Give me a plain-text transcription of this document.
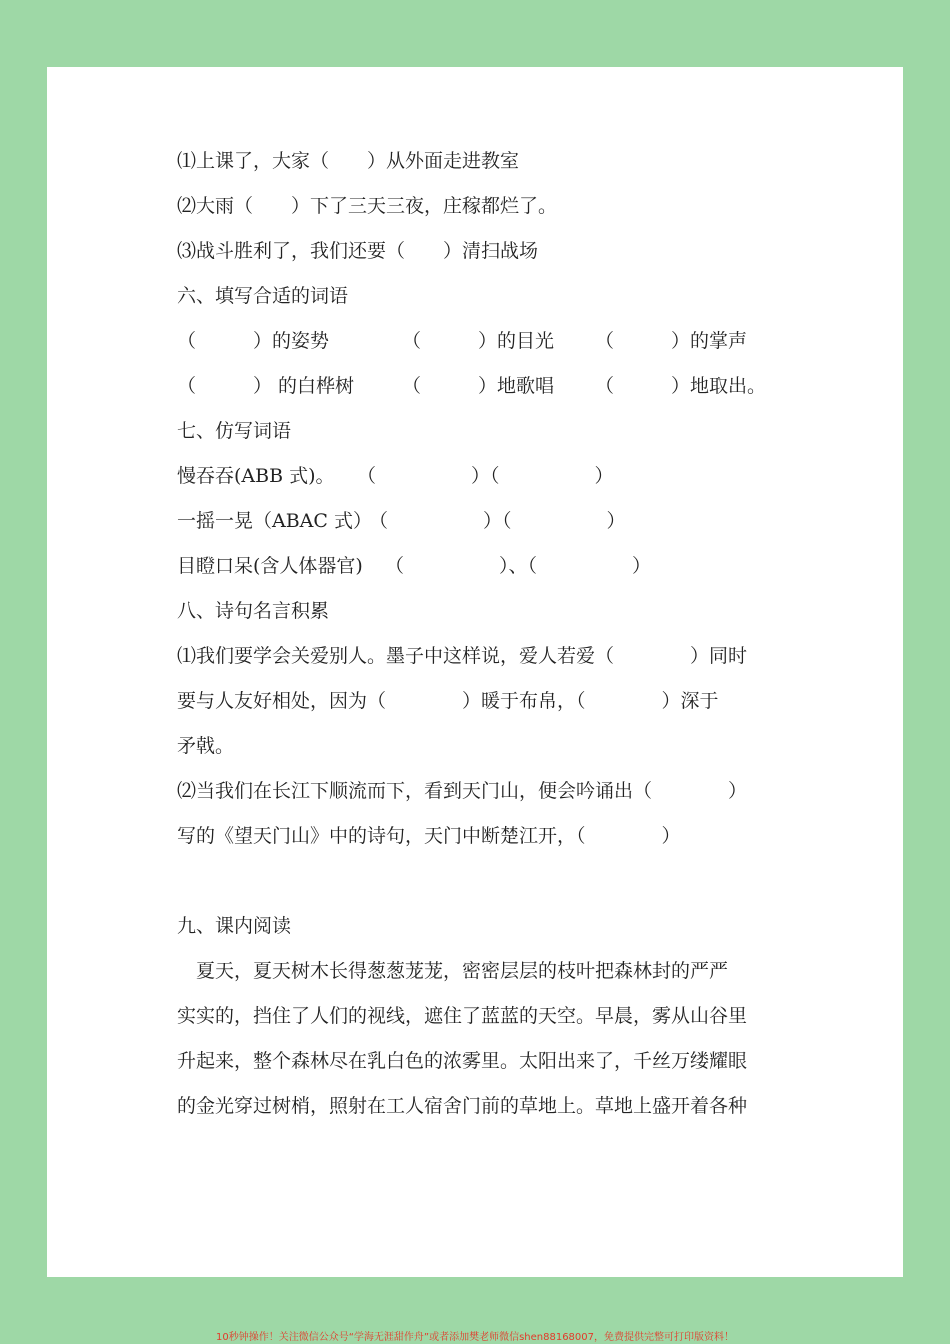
⑴上课了，大家（　　）从外面走进教室
⑵大雨（　　）下了三天三夜，庄稼都烂了。
⑶战斗胜利了，我们还要（　　）清扫战场
六、填写合适的词语
（　　　）的姿势	（　　　）的目光 （　　　）的掌声
（　　　） 的白桦树	（　　　）地歌唱 （　　　）地取出。
七、仿写词语
慢吞吞(ABB 式)。 （　　　　　）（　　　　　）
一摇一晃（ABAC 式）
（　　　　　）（　　　　　）
目瞪口呆(含人体器官) （　　　　　）、（　　　　　）
八、诗句名言积累
⑴我们要学会关爱别人。墨子中这样说，爱人若爱（　　　　）同时
要与人友好相处，因为（　　　　）暖于布帛，（　　　　）深于
矛戟。
⑵当我们在长江下顺流而下，看到天门山，便会吟诵出（　　　　）
写的《望天门山》中的诗句，天门中断楚江开，（　　　　）
九、课内阅读
　夏天，夏天树木长得葱葱茏茏，密密层层的枝叶把森林封的严严
实实的，挡住了人们的视线，遮住了蓝蓝的天空。早晨，雾从山谷里
升起来，整个森林尽在乳白色的浓雾里。太阳出来了，千丝万缕耀眼
的金光穿过树梢，照射在工人宿舍门前的草地上。草地上盛开着各种
10秒钟操作！关注微信公众号“学海无涯甜作舟”或者添加樊老师微信shen88168007，免费提供完整可打印版资料！
